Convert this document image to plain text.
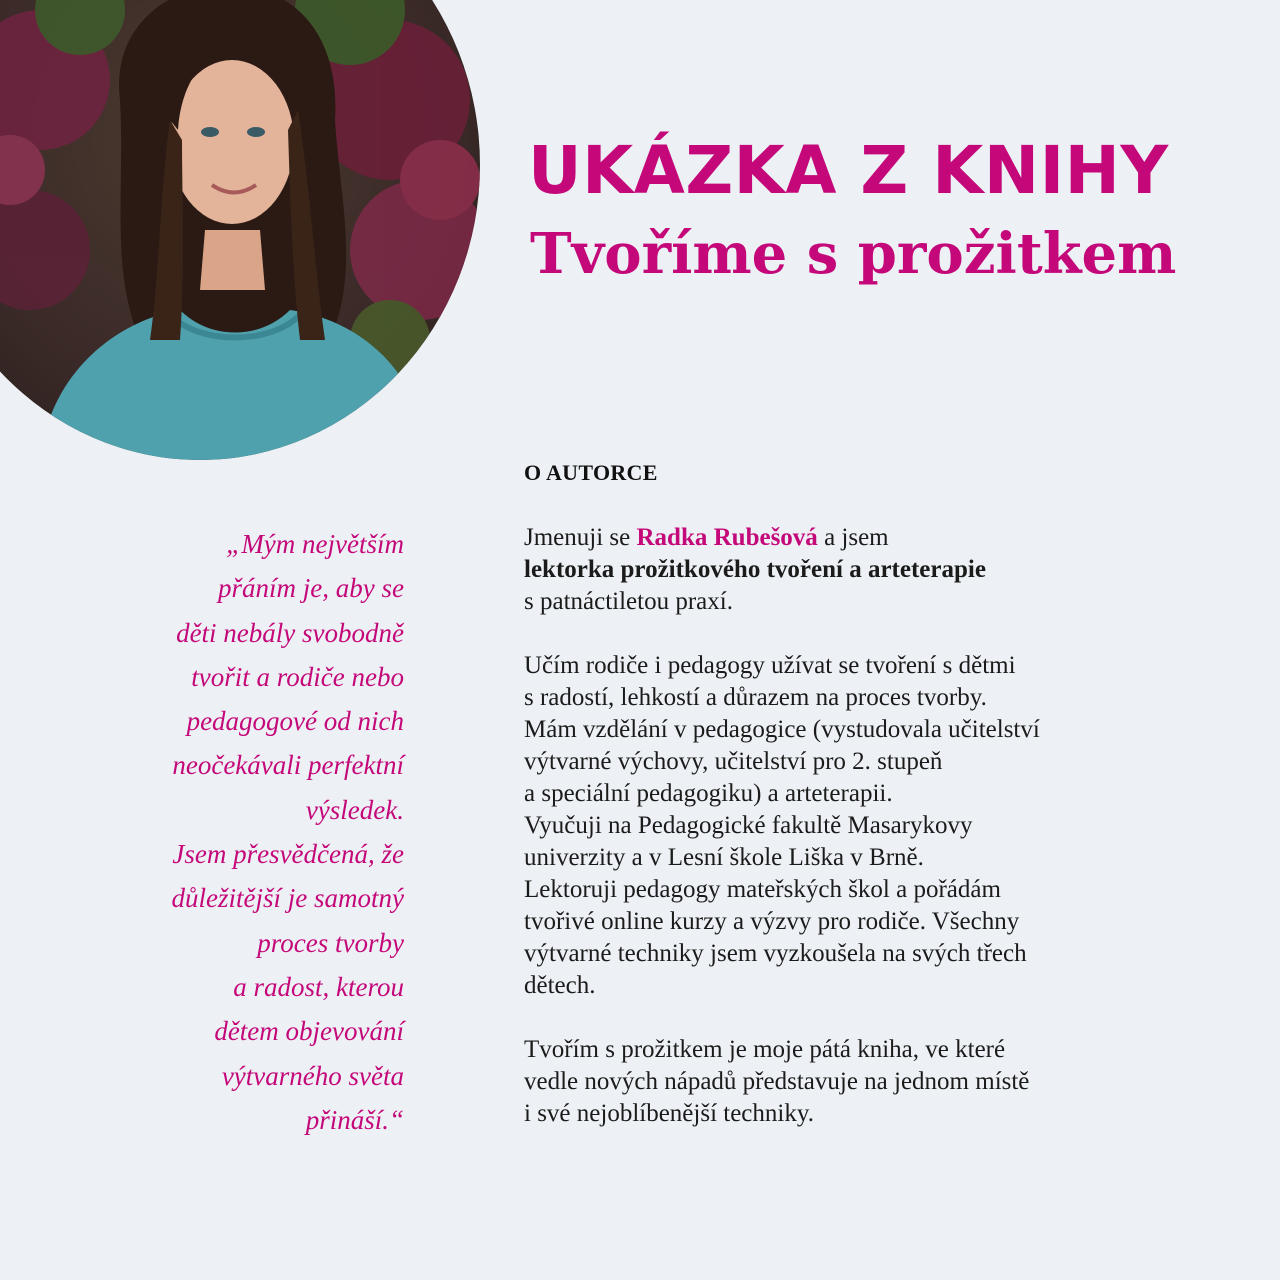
UKÁZKA Z KNIHY
Tvoříme s prožitkem
„Mým největším
přáním je, aby se
děti nebály svobodně
tvořit a rodiče nebo
pedagogové od nich
neočekávali perfektní
výsledek.
Jsem přesvědčená, že
důležitější je samotný
proces tvorby
a radost, kterou
dětem objevování
výtvarného světa
přináší.“
O AUTORCE

Jmenuji se Radka Rubešová a jsem
lektorka prožitkového tvoření a arteterapie
s patnáctiletou praxí.

Učím rodiče i pedagogy užívat se tvoření s dětmi
s radostí, lehkostí a důrazem na proces tvorby.
Mám vzdělání v pedagogice (vystudovala učitelství
výtvarné výchovy, učitelství pro 2. stupeň
a speciální pedagogiku) a arteterapii.
Vyučuji na Pedagogické fakultě Masarykovy
univerzity a v Lesní škole Liška v Brně.
Lektoruji pedagogy mateřských škol a pořádám
tvořivé online kurzy a výzvy pro rodiče. Všechny
výtvarné techniky jsem vyzkoušela na svých třech
dětech.

Tvořím s prožitkem je moje pátá kniha, ve které
vedle nových nápadů představuje na jednom místě
i své nejoblíbenější techniky.
